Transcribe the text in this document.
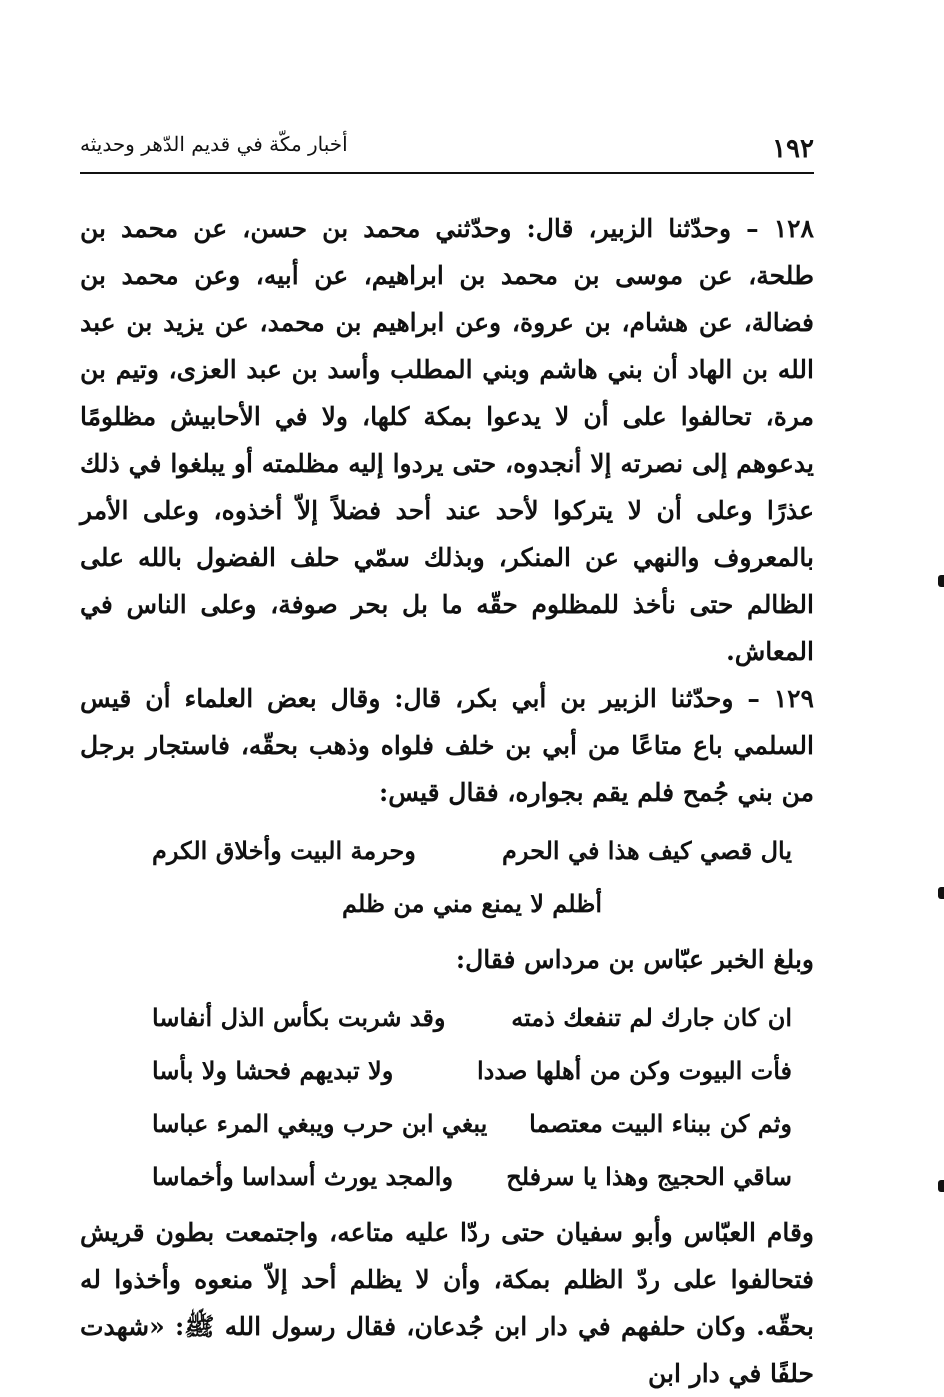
١٩٢
أخبار مكّة في قديم الدّهر وحديثه

١٢٨ – وحدّثنا الزبير، قال: وحدّثني محمد بن حسن، عن محمد بن طلحة، عن موسى بن محمد بن ابراهيم، عن أبيه، وعن محمد بن فضالة، عن هشام، بن عروة، وعن ابراهيم بن محمد، عن يزيد بن عبد الله بن الهاد أن بني هاشم وبني المطلب وأسد بن عبد العزى، وتيم بن مرة، تحالفوا على أن لا يدعوا بمكة كلها، ولا في الأحابيش مظلومًا يدعوهم إلى نصرته إلا أنجدوه، حتى يردوا إليه مظلمته أو يبلغوا في ذلك عذرًا وعلى أن لا يتركوا لأحد عند أحد فضلاً إلاّ أخذوه، وعلى الأمر بالمعروف والنهي عن المنكر، وبذلك سمّي حلف الفضول بالله على الظالم حتى نأخذ للمظلوم حقّه ما بل بحر صوفة، وعلى الناس في المعاش.

١٢٩ – وحدّثنا الزبير بن أبي بكر، قال: وقال بعض العلماء أن قيس السلمي باع متاعًا من أبي بن خلف فلواه وذهب بحقّه، فاستجار برجل من بني جُمح فلم يقم بجواره، فقال قيس:

يال قصي كيف هذا في الحرم
وحرمة البيت وأخلاق الكرم
أظلم لا يمنع مني من ظلم

وبلغ الخبر عبّاس بن مرداس فقال:

ان كان جارك لم تنفعك ذمته
وقد شربت بكأس الذل أنفاسا
فأت البيوت وكن من أهلها صددا
ولا تبديهم فحشا ولا بأسا
وثم كن ببناء البيت معتصما
يبغي ابن حرب ويبغي المرء عباسا
ساقي الحجيج وهذا يا سرفلح
والمجد يورث أسداسا وأخماسا

وقام العبّاس وأبو سفيان حتى ردّا عليه متاعه، واجتمعت بطون قريش فتحالفوا على ردّ الظلم بمكة، وأن لا يظلم أحد إلاّ منعوه وأخذوا له بحقّه. وكان حلفهم في دار ابن جُدعان، فقال رسول الله ﷺ: «شهدت حلفًا في دار ابن
